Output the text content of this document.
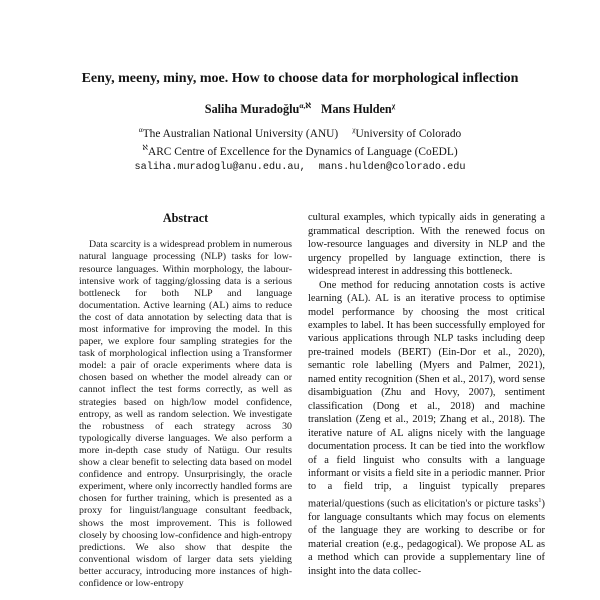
Eeny, meeny, miny, moe. How to choose data for morphological inflection
Saliha Muradoğlu$^{\alpha,ℵ}$ Mans Hulden$^\chi$
$^\alpha$The Australian National University (ANU) $^\chi$University of Colorado
$^ℵ$ARC Centre of Excellence for the Dynamics of Language (CoEDL)
saliha.muradoglu@anu.edu.au, mans.hulden@colorado.edu
Abstract

Data scarcity is a widespread problem in numerous natural language processing (NLP) tasks for low-resource languages. Within morphology, the labour-intensive work of tagging/glossing data is a serious bottleneck for both NLP and language documentation. Active learning (AL) aims to reduce the cost of data annotation by selecting data that is most informative for improving the model. In this paper, we explore four sampling strategies for the task of morphological inflection using a Transformer model: a pair of oracle experiments where data is chosen based on whether the model already can or cannot inflect the test forms correctly, as well as strategies based on high/low model confidence, entropy, as well as random selection. We investigate the robustness of each strategy across 30 typologically diverse languages. We also perform a more in-depth case study of Natügu. Our results show a clear benefit to selecting data based on model confidence and entropy. Unsurprisingly, the oracle experiment, where only incorrectly handled forms are chosen for further training, which is presented as a proxy for linguist/language consultant feedback, shows the most improvement. This is followed closely by choosing low-confidence and high-entropy predictions. We also show that despite the conventional wisdom of larger data sets yielding better accuracy, introducing more instances of high-confidence or low-entropy

cultural examples, which typically aids in generating a grammatical description. With the renewed focus on low-resource languages and diversity in NLP and the urgency propelled by language extinction, there is widespread interest in addressing this bottleneck.

One method for reducing annotation costs is active learning (AL). AL is an iterative process to optimise model performance by choosing the most critical examples to label. It has been successfully employed for various applications through NLP tasks including deep pre-trained models (BERT) (Ein-Dor et al., 2020), semantic role labelling (Myers and Palmer, 2021), named entity recognition (Shen et al., 2017), word sense disambiguation (Zhu and Hovy, 2007), sentiment classification (Dong et al., 2018) and machine translation (Zeng et al., 2019; Zhang et al., 2018). The iterative nature of AL aligns nicely with the language documentation process. It can be tied into the workflow of a field linguist who consults with a language informant or visits a field site in a periodic manner. Prior to a field trip, a linguist typically prepares material/questions (such as elicitation's or picture tasks$^1$) for language consultants which may focus on elements of the language they are working to describe or for material creation (e.g., pedagogical). We propose AL as a method which can provide a supplementary line of insight into the data collec-
